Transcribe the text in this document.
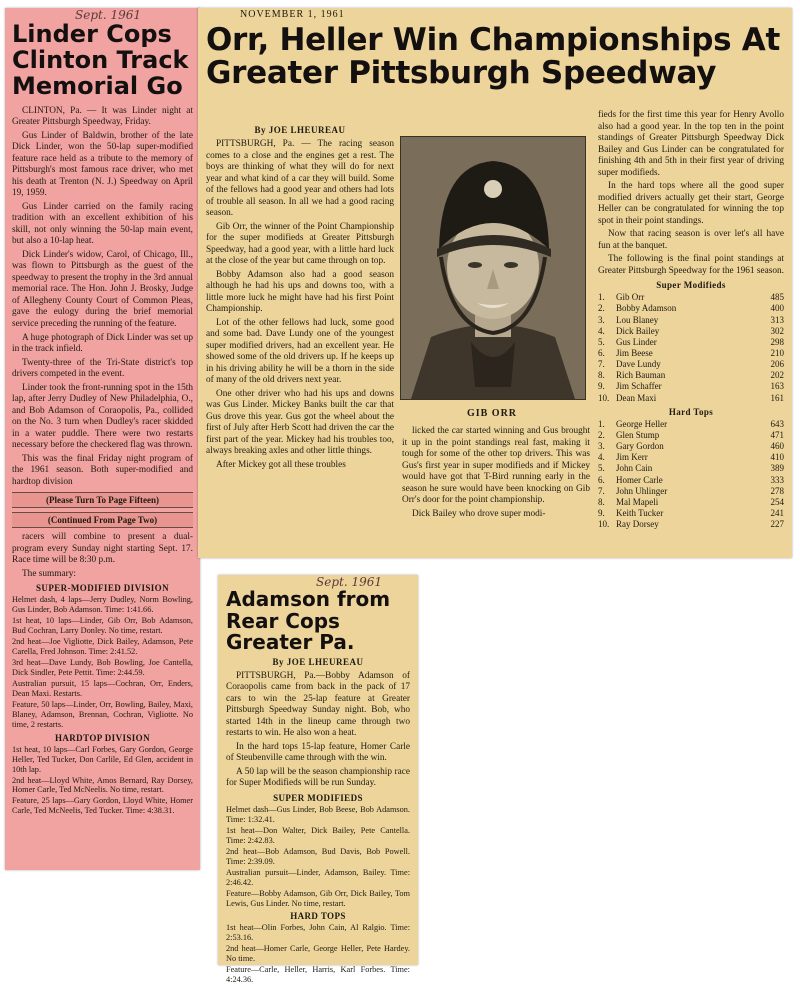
Sept. 1961
Linder Cops Clinton Track Memorial Go

CLINTON, Pa. — It was Linder night at Greater Pittsburgh Speedway, Friday.

Gus Linder of Baldwin, brother of the late Dick Linder, won the 50-lap super-modified feature race held as a tribute to the memory of Pittsburgh's most famous race driver, who met his death at Trenton (N. J.) Speedway on April 19, 1959.

Gus Linder carried on the family racing tradition with an excellent exhibition of his skill, not only winning the 50-lap main event, but also a 10-lap heat.

Dick Linder's widow, Carol, of Chicago, Ill., was flown to Pittsburgh as the guest of the speedway to present the trophy in the 3rd annual memorial race. The Hon. John J. Brosky, Judge of Allegheny County Court of Common Pleas, gave the eulogy during the brief memorial service preceding the running of the feature.

A huge photograph of Dick Linder was set up in the track infield.

Twenty-three of the Tri-State district's top drivers competed in the event.

Linder took the front-running spot in the 15th lap, after Jerry Dudley of New Philadelphia, O., and Bob Adamson of Coraopolis, Pa., collided on the No. 3 turn when Dudley's racer skidded in a water puddle. There were two restarts necessary before the checkered flag was thrown.

This was the final Friday night program of the 1961 season. Both super-modified and hardtop division

(Please Turn To Page Fifteen)
(Continued From Page Two)

racers will combine to present a dual-program every Sunday night starting Sept. 17. Race time will be 8:30 p.m.

The summary:

SUPER-MODIFIED DIVISION

Helmet dash, 4 laps—Jerry Dudley, Norm Bowling, Gus Linder, Bob Adamson. Time: 1:41.66.

1st heat, 10 laps—Linder, Gib Orr, Bob Adamson, Bud Cochran, Larry Donley. No time, restart.

2nd heat—Joe Vigliotte, Dick Bailey, Adamson, Pete Carella, Fred Johnson. Time: 2:41.52.

3rd heat—Dave Lundy, Bob Bowling, Joe Cantella, Dick Sindler, Pete Pettit. Time: 2:44.59.

Australian pursuit, 15 laps—Cochran, Orr, Enders, Dean Maxi. Restarts.

Feature, 50 laps—Linder, Orr, Bowling, Bailey, Maxi, Blaney, Adamson, Brennan, Cochran, Vigliotte. No time, 2 restarts.

HARDTOP DIVISION

1st heat, 10 laps—Carl Forbes, Gary Gordon, George Heller, Ted Tucker, Don Carlile, Ed Glen, accident in 10th lap.

2nd heat—Lloyd White, Amos Bernard, Ray Dorsey, Homer Carle, Ted McNeelis. No time, restart.

Feature, 25 laps—Gary Gordon, Lloyd White, Homer Carle, Ted McNeelis, Ted Tucker. Time: 4:38.31.

NOVEMBER 1, 1961
Orr, Heller Win Championships At Greater Pittsburgh Speedway
By JOE LHEUREAU

PITTSBURGH, Pa. — The racing season comes to a close and the engines get a rest. The boys are thinking of what they will do for next year and what kind of a car they will build. Some of the fellows had a good year and others had lots of trouble all season. In all we had a good racing season.

Gib Orr, the winner of the Point Championship for the super modifieds at Greater Pittsburgh Speedway, had a good year, with a little hard luck at the close of the year but came through on top.

Bobby Adamson also had a good season although he had his ups and downs too, with a little more luck he might have had his first Point Championship.

Lot of the other fellows had luck, some good and some bad. Dave Lundy one of the youngest super modified drivers, had an excellent year. He showed some of the old drivers up. If he keeps up in his driving ability he will be a thorn in the side of many of the old drivers next year.

One other driver who had his ups and downs was Gus Linder. Mickey Banks built the car that Gus drove this year. Gus got the wheel about the first of July after Herb Scott had driven the car the first part of the year. Mickey had his troubles too, always breaking axles and other little things.

After Mickey got all these troubles

licked the car started winning and Gus brought it up in the point standings real fast, making it tough for some of the other top drivers. This was Gus's first year in super modifieds and if Mickey would have got that T-Bird running early in the season he sure would have been knocking on Gib Orr's door for the point championship.

Dick Bailey who drove super modi-

fieds for the first time this year for Henry Avollo also had a good year. In the top ten in the point standings of Greater Pittsburgh Speedway Dick Bailey and Gus Linder can be congratulated for finishing 4th and 5th in their first year of driving super modifieds.

In the hard tops where all the good super modified drivers actually get their start, George Heller can be congratulated for winning the top spot in their point standings.

Now that racing season is over let's all have fun at the banquet.

The following is the final point standings at Greater Pittsburgh Speedway for the 1961 season.

Super Modifieds
1.	Gib Orr	485
2.	Bobby Adamson	400
3.	Lou Blaney	313
4.	Dick Bailey	302
5.	Gus Linder	298
6.	Jim Beese	210
7.	Dave Lundy	206
8.	Rich Bauman	202
9.	Jim Schaffer	163
10.	Dean Maxi	161
Hard Tops
1.	George Heller	643
2.	Glen Stump	471
3.	Gary Gordon	460
4.	Jim Kerr	410
5.	John Cain	389
6.	Homer Carle	333
7.	John Uhlinger	278
8.	Mal Mapeli	254
9.	Keith Tucker	241
10.	Ray Dorsey	227
GIB ORR
Sept. 1961
Adamson from Rear Cops Greater Pa.
By JOE LHEUREAU

PITTSBURGH, Pa.—Bobby Adamson of Coraopolis came from back in the pack of 17 cars to win the 25-lap feature at Greater Pittsburgh Speedway Sunday night. Bob, who started 14th in the lineup came through two restarts to win. He also won a heat.

In the hard tops 15-lap feature, Homer Carle of Steubenville came through with the win.

A 50 lap will be the season championship race for Super Modifieds will be run Sunday.

SUPER MODIFIEDS

Helmet dash—Gus Linder, Bob Beese, Bob Adamson. Time: 1:32.41.

1st heat—Don Walter, Dick Bailey, Pete Cantella. Time: 2:42.83.

2nd heat—Bob Adamson, Bud Davis, Bob Powell. Time: 2:39.09.

Australian pursuit—Linder, Adamson, Bailey. Time: 2:46.42.

Feature—Bobby Adamson, Gib Orr, Dick Bailey, Tom Lewis, Gus Linder. No time, restart.

HARD TOPS

1st heat—Olin Forbes, John Cain, Al Ralgio. Time: 2:53.16.

2nd heat—Homer Carle, George Heller, Pete Hardey. No time.

Feature—Carle, Heller, Harris, Karl Forbes. Time: 4:24.36.
